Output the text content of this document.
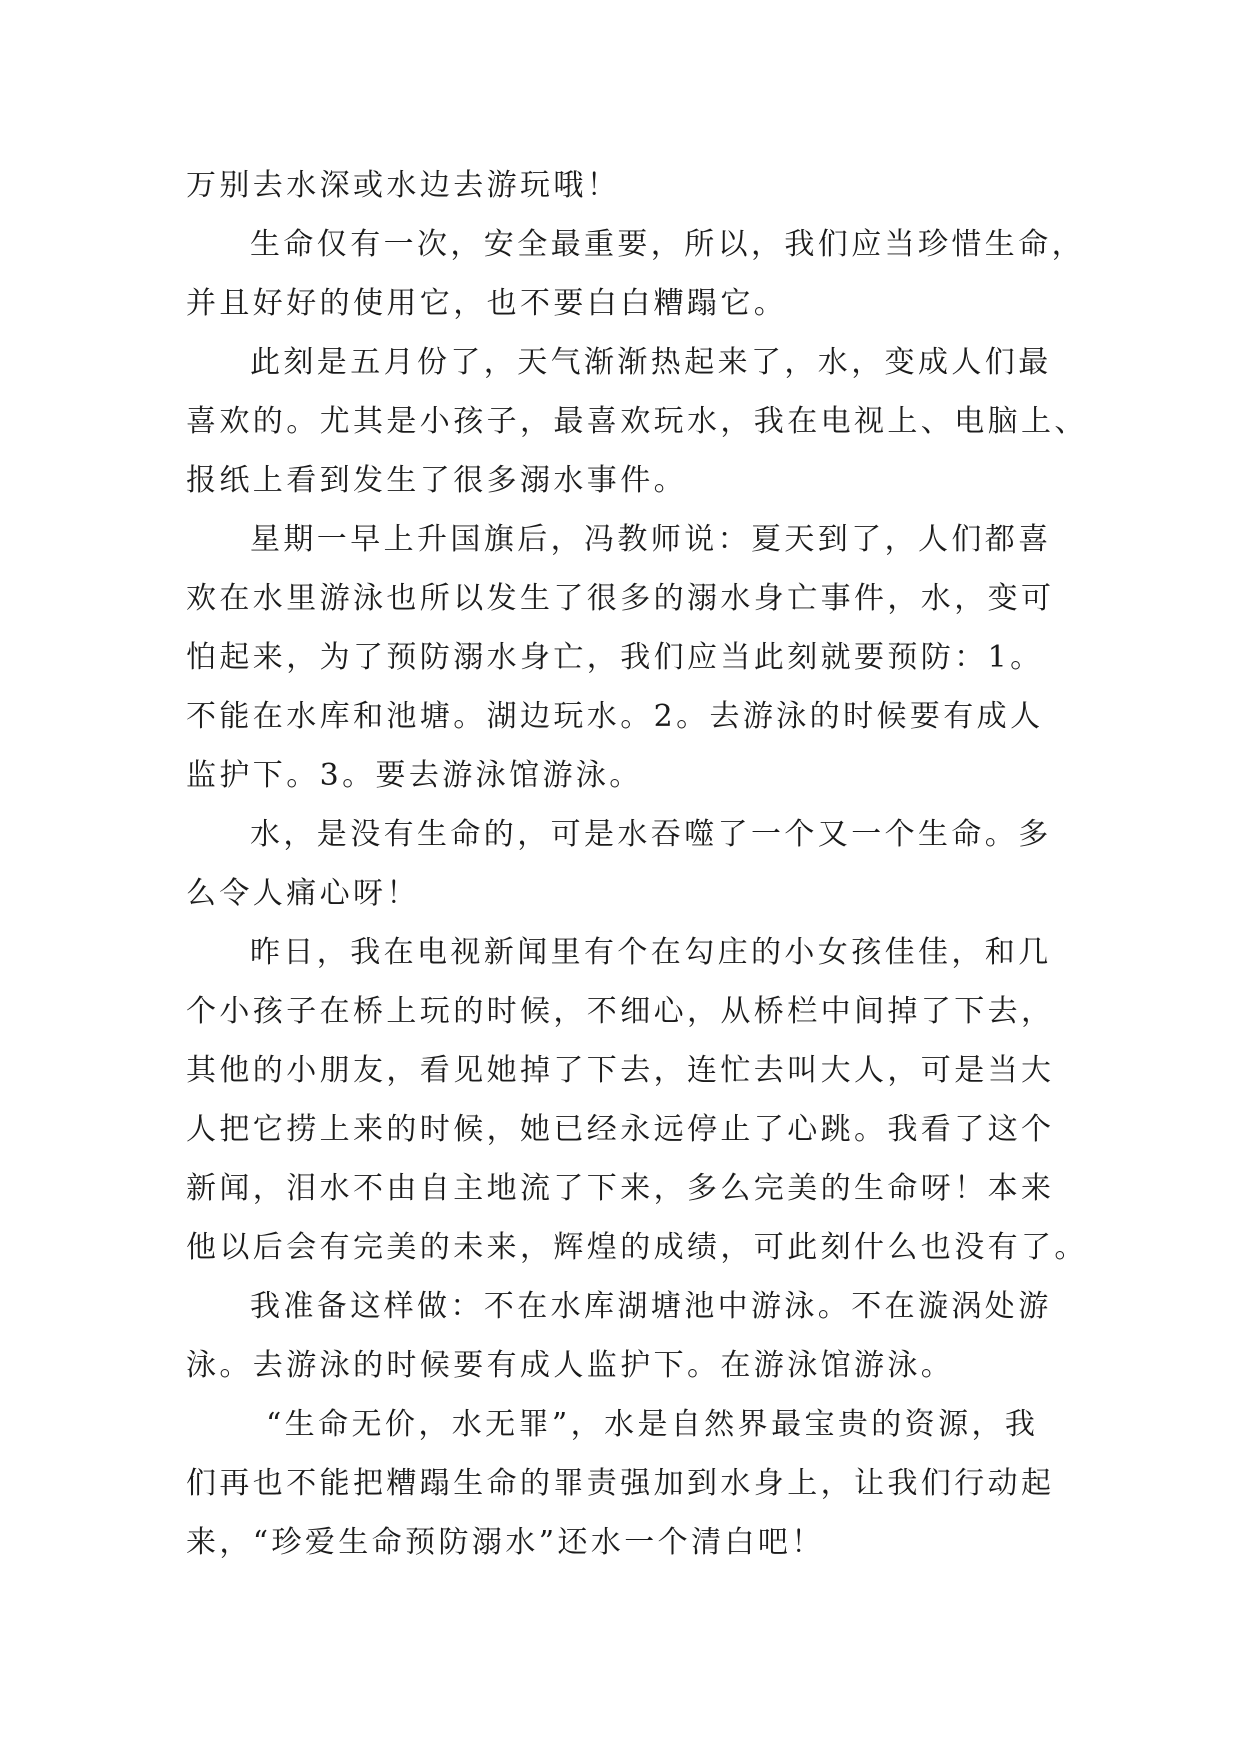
万别去水深或水边去游玩哦！
生命仅有一次，安全最重要，所以，我们应当珍惜生命，
并且好好的使用它，也不要白白糟蹋它。
此刻是五月份了，天气渐渐热起来了，水，变成人们最
喜欢的。尤其是小孩子，最喜欢玩水，我在电视上、电脑上、
报纸上看到发生了很多溺水事件。
星期一早上升国旗后，冯教师说：夏天到了，人们都喜
欢在水里游泳也所以发生了很多的溺水身亡事件，水，变可
怕起来，为了预防溺水身亡，我们应当此刻就要预防：1。
不能在水库和池塘。湖边玩水。2。去游泳的时候要有成人
监护下。3。要去游泳馆游泳。
水，是没有生命的，可是水吞噬了一个又一个生命。多
么令人痛心呀！
昨日，我在电视新闻里有个在勾庄的小女孩佳佳，和几
个小孩子在桥上玩的时候，不细心，从桥栏中间掉了下去，
其他的小朋友，看见她掉了下去，连忙去叫大人，可是当大
人把它捞上来的时候，她已经永远停止了心跳。我看了这个
新闻，泪水不由自主地流了下来，多么完美的生命呀！本来
他以后会有完美的未来，辉煌的成绩，可此刻什么也没有了。
我准备这样做：不在水库湖塘池中游泳。不在漩涡处游
泳。去游泳的时候要有成人监护下。在游泳馆游泳。
“生命无价，水无罪”，水是自然界最宝贵的资源，我
们再也不能把糟蹋生命的罪责强加到水身上，让我们行动起
来，“珍爱生命预防溺水”还水一个清白吧！
